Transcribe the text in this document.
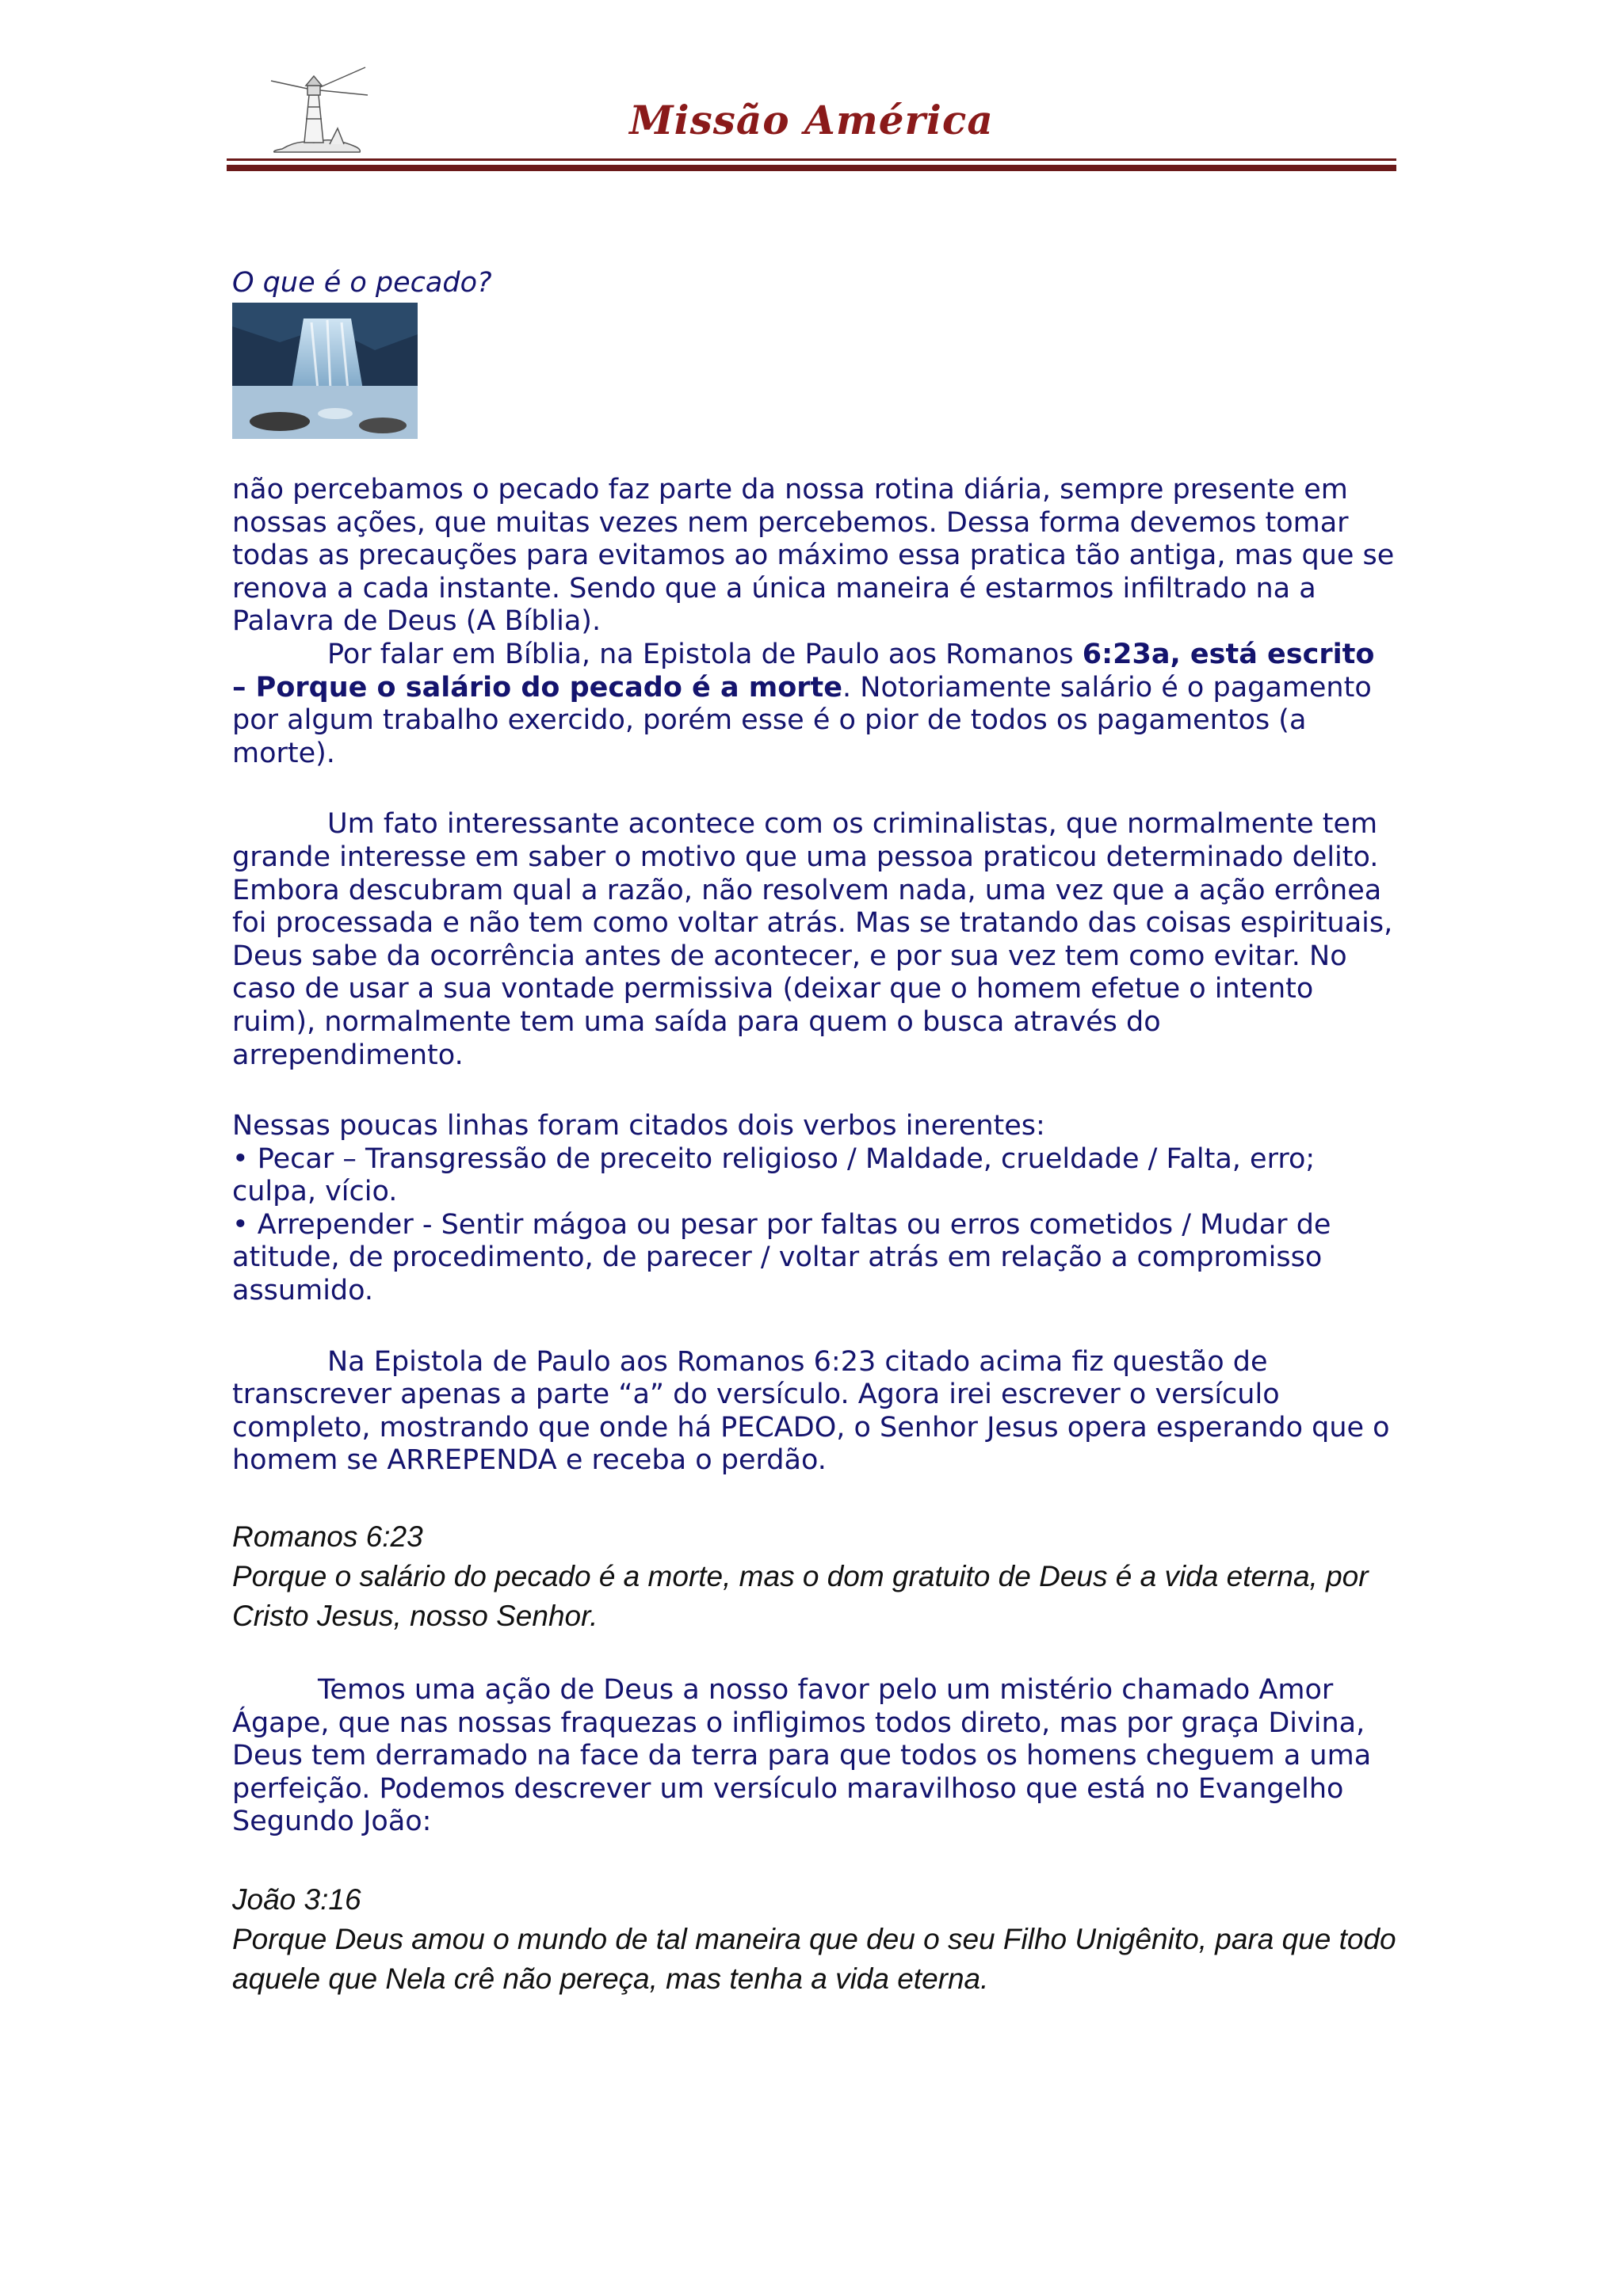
Missão América

O que é o pecado?

não percebamos o pecado faz parte da nossa rotina diária, sempre presente em nossas ações, que muitas vezes nem percebemos. Dessa forma devemos tomar todas as precauções para evitamos ao máximo essa pratica tão antiga, mas que se renova a cada instante. Sendo que a única maneira é estarmos infiltrado na a Palavra de Deus (A Bíblia).

Por falar em Bíblia, na Epistola de Paulo aos Romanos 6:23a, está escrito – Porque o salário do pecado é a morte. Notoriamente salário é o pagamento por algum trabalho exercido, porém esse é o pior de todos os pagamentos (a morte).

Um fato interessante acontece com os criminalistas, que normalmente tem grande interesse em saber o motivo que uma pessoa praticou determinado delito. Embora descubram qual a razão, não resolvem nada, uma vez que a ação errônea foi processada e não tem como voltar atrás. Mas se tratando das coisas espirituais, Deus sabe da ocorrência antes de acontecer, e por sua vez tem como evitar. No caso de usar a sua vontade permissiva (deixar que o homem efetue o intento ruim), normalmente tem uma saída para quem o busca através do arrependimento.

Nessas poucas linhas foram citados dois verbos inerentes:

• Pecar – Transgressão de preceito religioso / Maldade, crueldade / Falta, erro; culpa, vício.

• Arrepender - Sentir mágoa ou pesar por faltas ou erros cometidos / Mudar de atitude, de procedimento, de parecer / voltar atrás em relação a compromisso assumido.

Na Epistola de Paulo aos Romanos 6:23 citado acima fiz questão de transcrever apenas a parte “a” do versículo. Agora irei escrever o versículo completo, mostrando que onde há PECADO, o Senhor Jesus opera esperando que o homem se ARREPENDA e receba o perdão.

Romanos 6:23

Porque o salário do pecado é a morte, mas o dom gratuito de Deus é a vida eterna, por Cristo Jesus, nosso Senhor.

Temos uma ação de Deus a nosso favor pelo um mistério chamado Amor Ágape, que nas nossas fraquezas o infligimos todos direto, mas por graça Divina, Deus tem derramado na face da terra para que todos os homens cheguem a uma perfeição. Podemos descrever um versículo maravilhoso que está no Evangelho Segundo João:

João 3:16

Porque Deus amou o mundo de tal maneira que deu o seu Filho Unigênito, para que todo aquele que Nela crê não pereça, mas tenha a vida eterna.
